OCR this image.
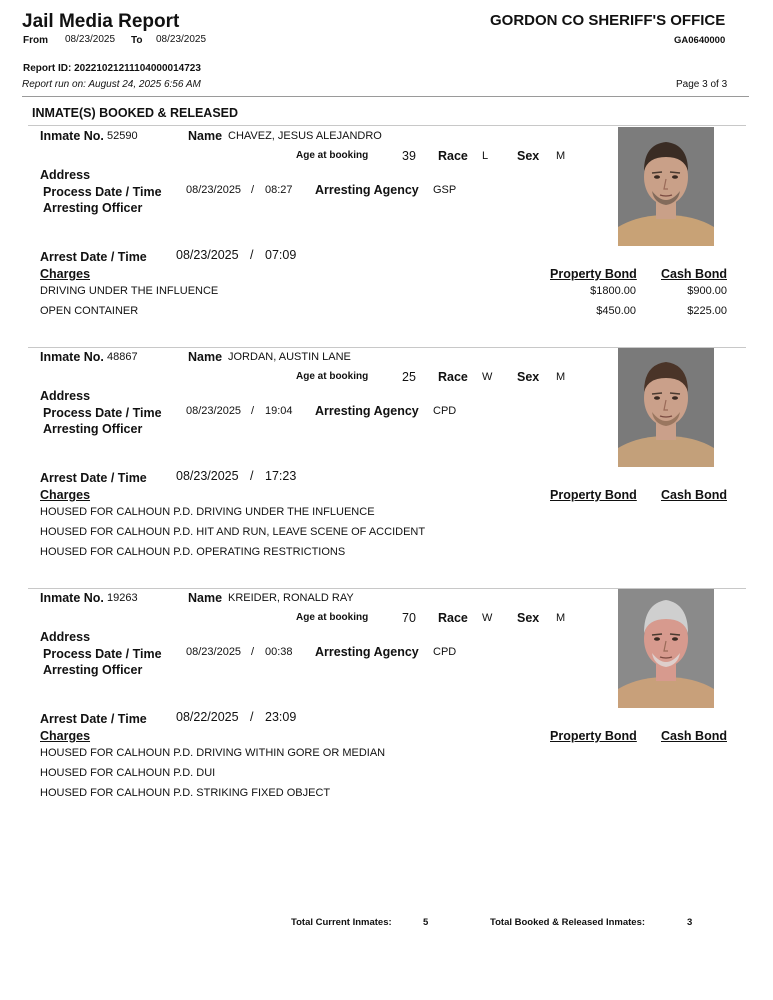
Jail Media Report	GORDON CO SHERIFF'S OFFICE
From 08/23/2025 To 08/23/2025	GA0640000
Report ID: 20221021211104000014723
Report run on: August 24, 2025 6:56 AM	Page 3 of 3
INMATE(S) BOOKED & RELEASED
Inmate No. 52590	Name CHAVEZ, JESUS ALEJANDRO
Age at booking	39 Race L Sex M
Address
Process Date / Time 08/23/2025 / 08:27 Arresting Agency GSP
Arresting Officer
Arrest Date / Time 08/23/2025 / 07:09
Charges	Property Bond Cash Bond
DRIVING UNDER THE INFLUENCE	$1800.00	$900.00
OPEN CONTAINER	$450.00	$225.00
Inmate No. 48867	Name JORDAN, AUSTIN LANE
Age at booking	25 Race W Sex M
Address
Process Date / Time 08/23/2025 / 19:04 Arresting Agency CPD
Arresting Officer
Arrest Date / Time 08/23/2025 / 17:23
Charges	Property Bond Cash Bond
HOUSED FOR CALHOUN P.D. DRIVING UNDER THE INFLUENCE
HOUSED FOR CALHOUN P.D. HIT AND RUN, LEAVE SCENE OF ACCIDENT
HOUSED FOR CALHOUN P.D. OPERATING RESTRICTIONS
Inmate No. 19263	Name KREIDER, RONALD RAY
Age at booking	70 Race W Sex M
Address
Process Date / Time 08/23/2025 / 00:38 Arresting Agency CPD
Arresting Officer
Arrest Date / Time 08/22/2025 / 23:09
Charges	Property Bond Cash Bond
HOUSED FOR CALHOUN P.D. DRIVING WITHIN GORE OR MEDIAN
HOUSED FOR CALHOUN P.D. DUI
HOUSED FOR CALHOUN P.D. STRIKING FIXED OBJECT
Total Current Inmates:	5	Total Booked & Released Inmates:	3
